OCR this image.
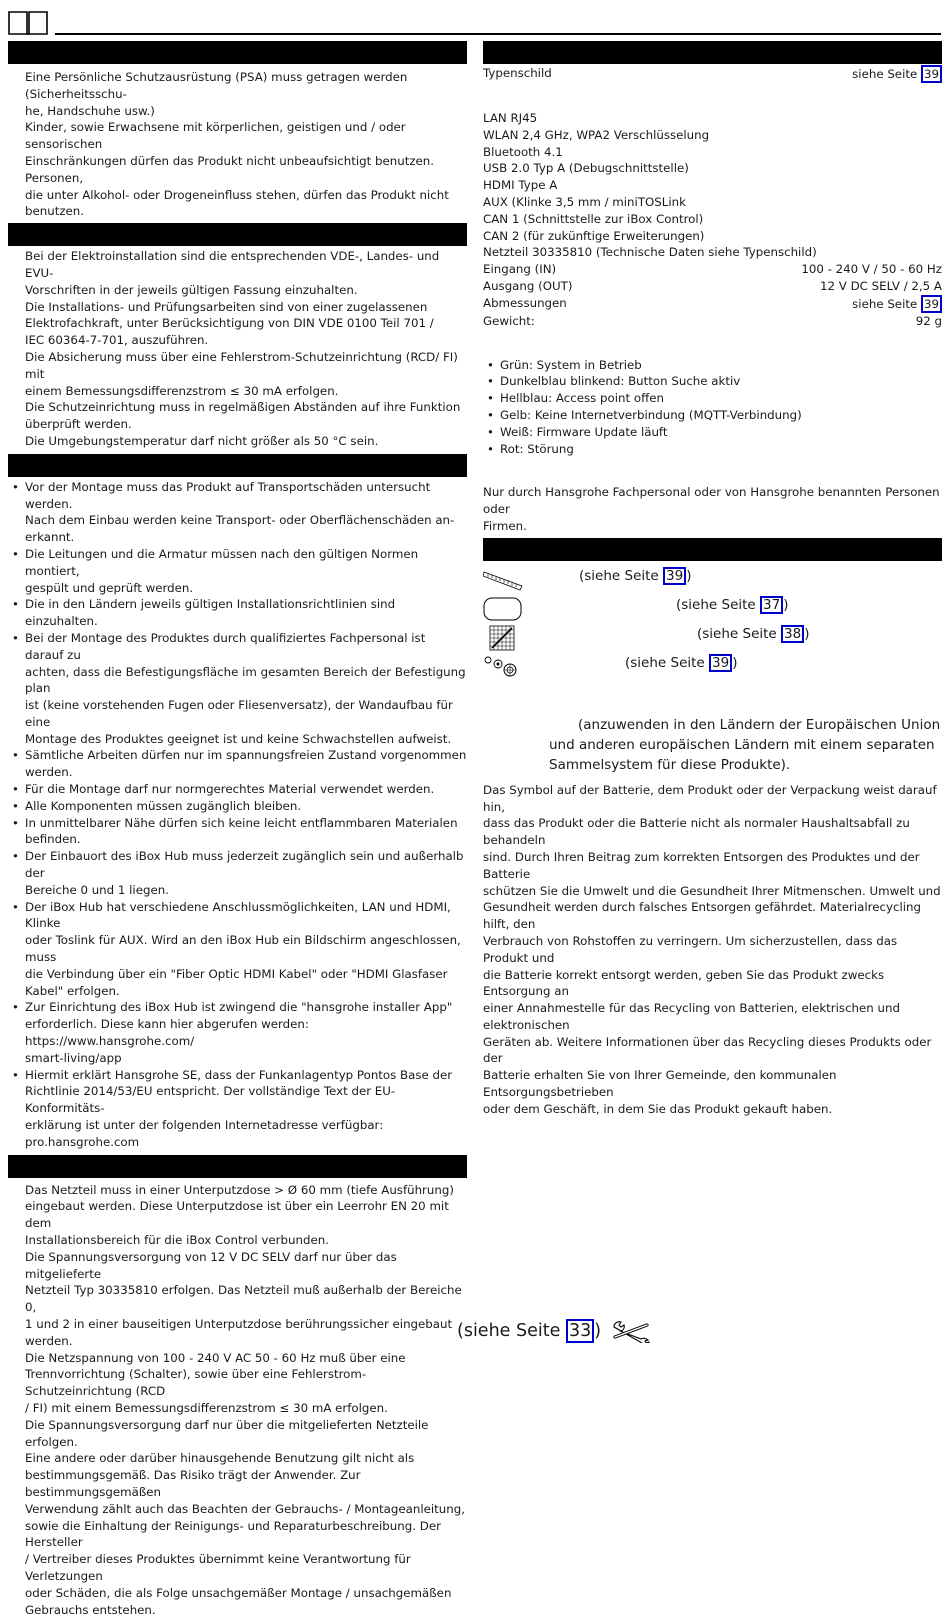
Eine Persönliche Schutzausrüstung (PSA) muss getragen werden (Sicherheitsschu-
he, Handschuhe usw.)
Kinder, sowie Erwachsene mit körperlichen, geistigen und / oder sensorischen
Einschränkungen dürfen das Produkt nicht unbeaufsichtigt benutzen. Personen,
die unter Alkohol- oder Drogeneinfluss stehen, dürfen das Produkt nicht
benutzen.
Bei der Elektroinstallation sind die entsprechenden VDE-, Landes- und EVU-
Vorschriften in der jeweils gültigen Fassung einzuhalten.
Die Installations- und Prüfungsarbeiten sind von einer zugelassenen
Elektrofachkraft, unter Berücksichtigung von DIN VDE 0100 Teil 701 /
IEC 60364-7-701, auszuführen.
Die Absicherung muss über eine Fehlerstrom-Schutzeinrichtung (RCD/ FI) mit
einem Bemessungsdifferenzstrom ≤ 30 mA erfolgen.
Die Schutzeinrichtung muss in regelmäßigen Abständen auf ihre Funktion
überprüft werden.
Die Umgebungstemperatur darf nicht größer als 50 °C sein.
• Vor der Montage muss das Produkt auf Transportschäden untersucht werden.
Nach dem Einbau werden keine Transport- oder Oberflächenschäden an-
erkannt.
• Die Leitungen und die Armatur müssen nach den gültigen Normen montiert,
gespült und geprüft werden.
• Die in den Ländern jeweils gültigen Installationsrichtlinien sind einzuhalten.
• Bei der Montage des Produktes durch qualifiziertes Fachpersonal ist darauf zu
achten, dass die Befestigungsfläche im gesamten Bereich der Befestigung plan
ist (keine vorstehenden Fugen oder Fliesenversatz), der Wandaufbau für eine
Montage des Produktes geeignet ist und keine Schwachstellen aufweist.
• Sämtliche Arbeiten dürfen nur im spannungsfreien Zustand vorgenommen
werden.
• Für die Montage darf nur normgerechtes Material verwendet werden.
• Alle Komponenten müssen zugänglich bleiben.
• In unmittelbarer Nähe dürfen sich keine leicht entflammbaren Materialen
befinden.
• Der Einbauort des iBox Hub muss jederzeit zugänglich sein und außerhalb der
Bereiche 0 und 1 liegen.
• Der iBox Hub hat verschiedene Anschlussmöglichkeiten, LAN und HDMI, Klinke
oder Toslink für AUX. Wird an den iBox Hub ein Bildschirm angeschlossen, muss
die Verbindung über ein "Fiber Optic HDMI Kabel" oder "HDMI Glasfaser
Kabel" erfolgen.
• Zur Einrichtung des iBox Hub ist zwingend die "hansgrohe installer App"
erforderlich. Diese kann hier abgerufen werden: https://www.hansgrohe.com/
smart-living/app
• Hiermit erklärt Hansgrohe SE, dass der Funkanlagentyp Pontos Base der
Richtlinie 2014/53/EU entspricht. Der vollständige Text der EU-Konformitäts-
erklärung ist unter der folgenden Internetadresse verfügbar: pro.hansgrohe.com
Das Netzteil muss in einer Unterputzdose > Ø 60 mm (tiefe Ausführung)
eingebaut werden. Diese Unterputzdose ist über ein Leerrohr EN 20 mit dem
Installationsbereich für die iBox Control verbunden.
Die Spannungsversorgung von 12 V DC SELV darf nur über das mitgelieferte
Netzteil Typ 30335810 erfolgen. Das Netzteil muß außerhalb der Bereiche 0,
1 und 2 in einer bauseitigen Unterputzdose berührungssicher eingebaut werden.
Die Netzspannung von 100 - 240 V AC 50 - 60 Hz muß über eine
Trennvorrichtung (Schalter), sowie über eine Fehlerstrom-Schutzeinrichtung (RCD
/ FI) mit einem Bemessungsdifferenzstrom ≤ 30 mA erfolgen.
Die Spannungsversorgung darf nur über die mitgelieferten Netzteile erfolgen.
Eine andere oder darüber hinausgehende Benutzung gilt nicht als
bestimmungsgemäß. Das Risiko trägt der Anwender. Zur bestimmungsgemäßen
Verwendung zählt auch das Beachten der Gebrauchs- / Montageanleitung,
sowie die Einhaltung der Reinigungs- und Reparaturbeschreibung. Der Hersteller
/ Vertreiber dieses Produktes übernimmt keine Verantwortung für Verletzungen
oder Schäden, die als Folge unsachgemäßer Montage / unsachgemäßen
Gebrauchs entstehen.
Typenschild	siehe Seite 39
LAN RJ45
WLAN 2,4 GHz, WPA2 Verschlüsselung
Bluetooth 4.1
USB 2.0 Typ A (Debugschnittstelle)
HDMI Type A
AUX (Klinke 3,5 mm / miniTOSLink
CAN 1 (Schnittstelle zur iBox Control)
CAN 2 (für zukünftige Erweiterungen)
Netzteil 30335810 (Technische Daten siehe Typenschild)
Eingang (IN)	100 - 240 V / 50 - 60 Hz
Ausgang (OUT)	12 V DC SELV / 2,5 A
Abmessungen	siehe Seite 39
Gewicht:	92 g
• Grün: System in Betrieb
• Dunkelblau blinkend: Button Suche aktiv
• Hellblau: Access point offen
• Gelb: Keine Internetverbindung (MQTT-Verbindung)
• Weiß: Firmware Update läuft
• Rot: Störung
Nur durch Hansgrohe Fachpersonal oder von Hansgrohe benannten Personen oder
Firmen.
(siehe Seite 39 )
(siehe Seite 37 )
(siehe Seite 38 )
(siehe Seite 39 )
(anzuwenden in den Ländern der Europäischen Union
und anderen europäischen Ländern mit einem separaten
Sammelsystem für diese Produkte).
Das Symbol auf der Batterie, dem Produkt oder der Verpackung weist darauf hin,
dass das Produkt oder die Batterie nicht als normaler Haushaltsabfall zu behandeln
sind. Durch Ihren Beitrag zum korrekten Entsorgen des Produktes und der Batterie
schützen Sie die Umwelt und die Gesundheit Ihrer Mitmenschen. Umwelt und
Gesundheit werden durch falsches Entsorgen gefährdet. Materialrecycling hilft, den
Verbrauch von Rohstoffen zu verringern. Um sicherzustellen, dass das Produkt und
die Batterie korrekt entsorgt werden, geben Sie das Produkt zwecks Entsorgung an
einer Annahmestelle für das Recycling von Batterien, elektrischen und elektronischen
Geräten ab. Weitere Informationen über das Recycling dieses Produkts oder der
Batterie erhalten Sie von Ihrer Gemeinde, den kommunalen Entsorgungsbetrieben
oder dem Geschäft, in dem Sie das Produkt gekauft haben.
(siehe Seite
33 )
